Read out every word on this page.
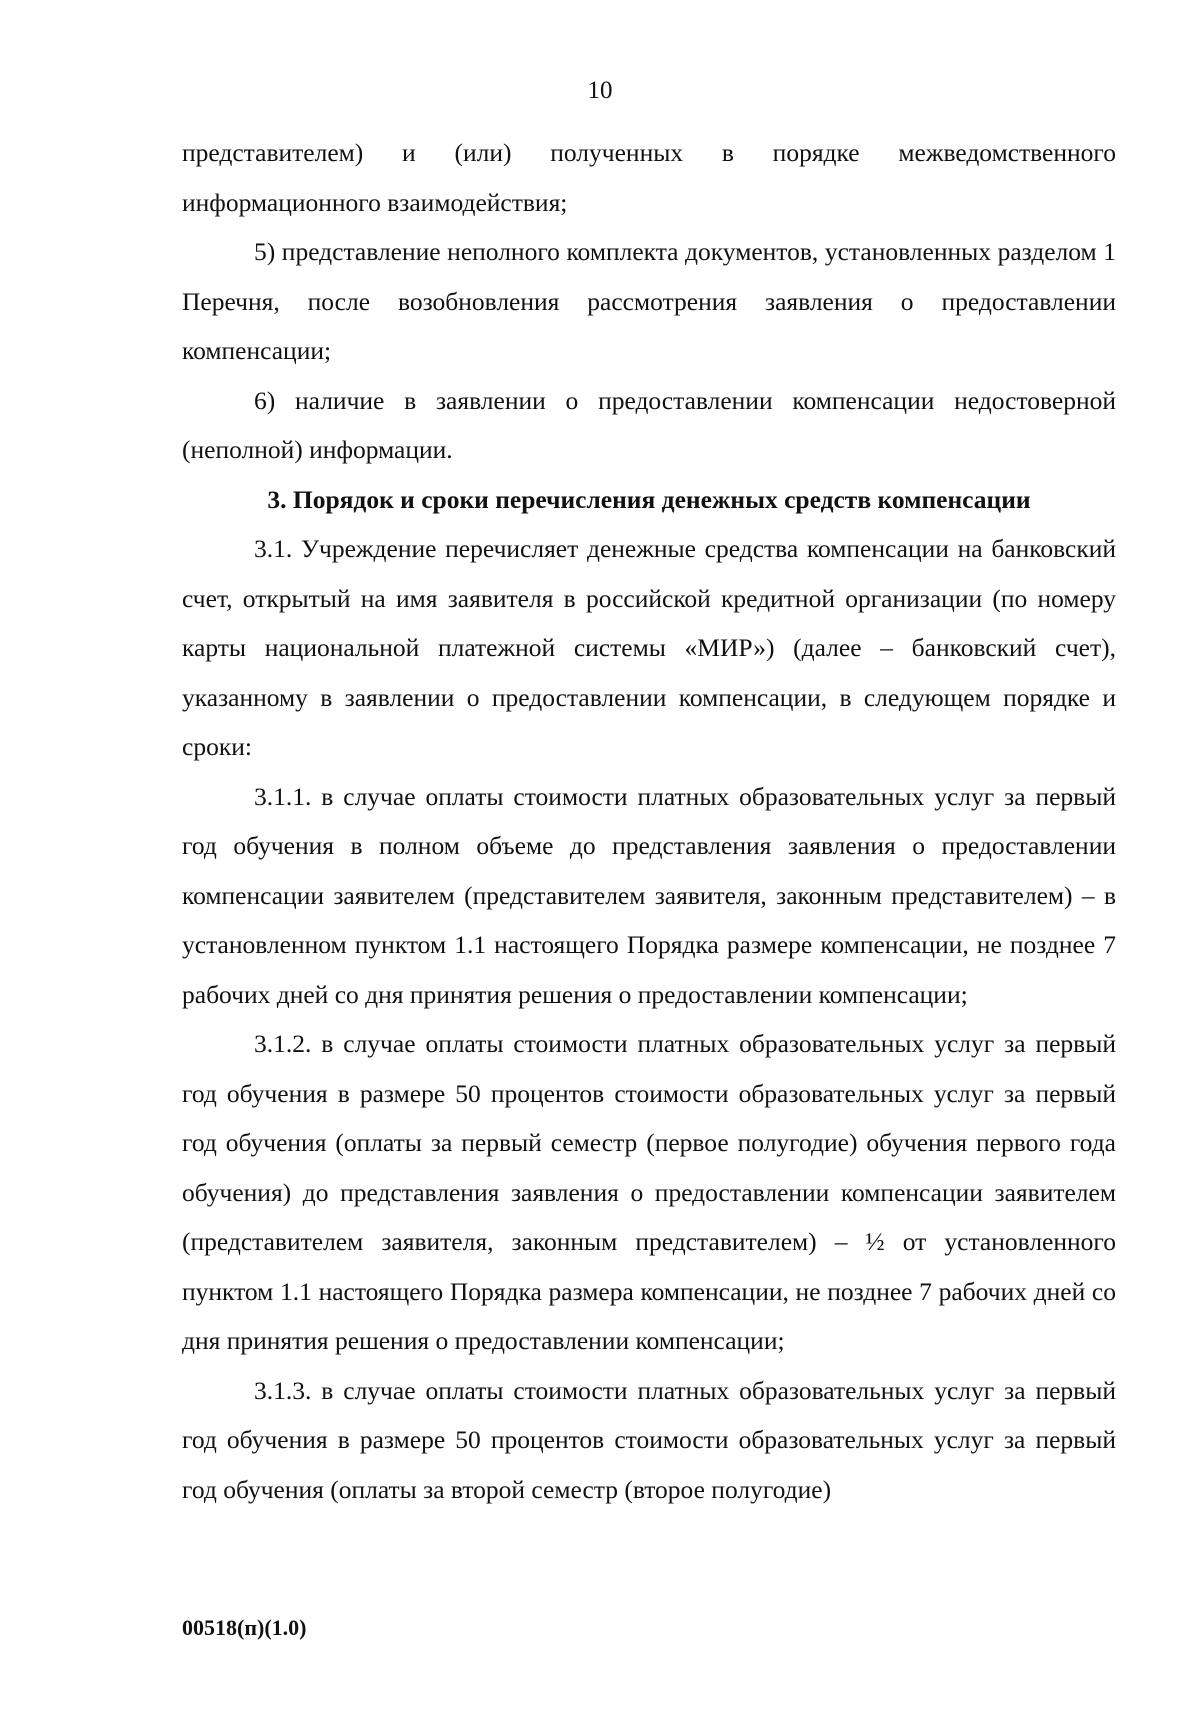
10

представителем) и (или) полученных в порядке межведомственного информационного взаимодействия;

5) представление неполного комплекта документов, установленных разделом 1 Перечня, после возобновления рассмотрения заявления о предоставлении компенсации;

6) наличие в заявлении о предоставлении компенсации недостоверной (неполной) информации.

3. Порядок и сроки перечисления денежных средств компенсации

3.1. Учреждение перечисляет денежные средства компенсации на банковский счет, открытый на имя заявителя в российской кредитной организации (по номеру карты национальной платежной системы «МИР») (далее – банковский счет), указанному в заявлении о предоставлении компенсации, в следующем порядке и сроки:

3.1.1. в случае оплаты стоимости платных образовательных услуг за первый год обучения в полном объеме до представления заявления о предоставлении компенсации заявителем (представителем заявителя, законным представителем) – в установленном пунктом 1.1 настоящего Порядка размере компенсации, не позднее 7 рабочих дней со дня принятия решения о предоставлении компенсации;

3.1.2. в случае оплаты стоимости платных образовательных услуг за первый год обучения в размере 50 процентов стоимости образовательных услуг за первый год обучения (оплаты за первый семестр (первое полугодие) обучения первого года обучения) до представления заявления о предоставлении компенсации заявителем (представителем заявителя, законным представителем) – ½ от установленного пунктом 1.1 настоящего Порядка размера компенсации, не позднее 7 рабочих дней со дня принятия решения о предоставлении компенсации;

3.1.3. в случае оплаты стоимости платных образовательных услуг за первый год обучения в размере 50 процентов стоимости образовательных услуг за первый год обучения (оплаты за второй семестр (второе полугодие)

00518(п)(1.0)
